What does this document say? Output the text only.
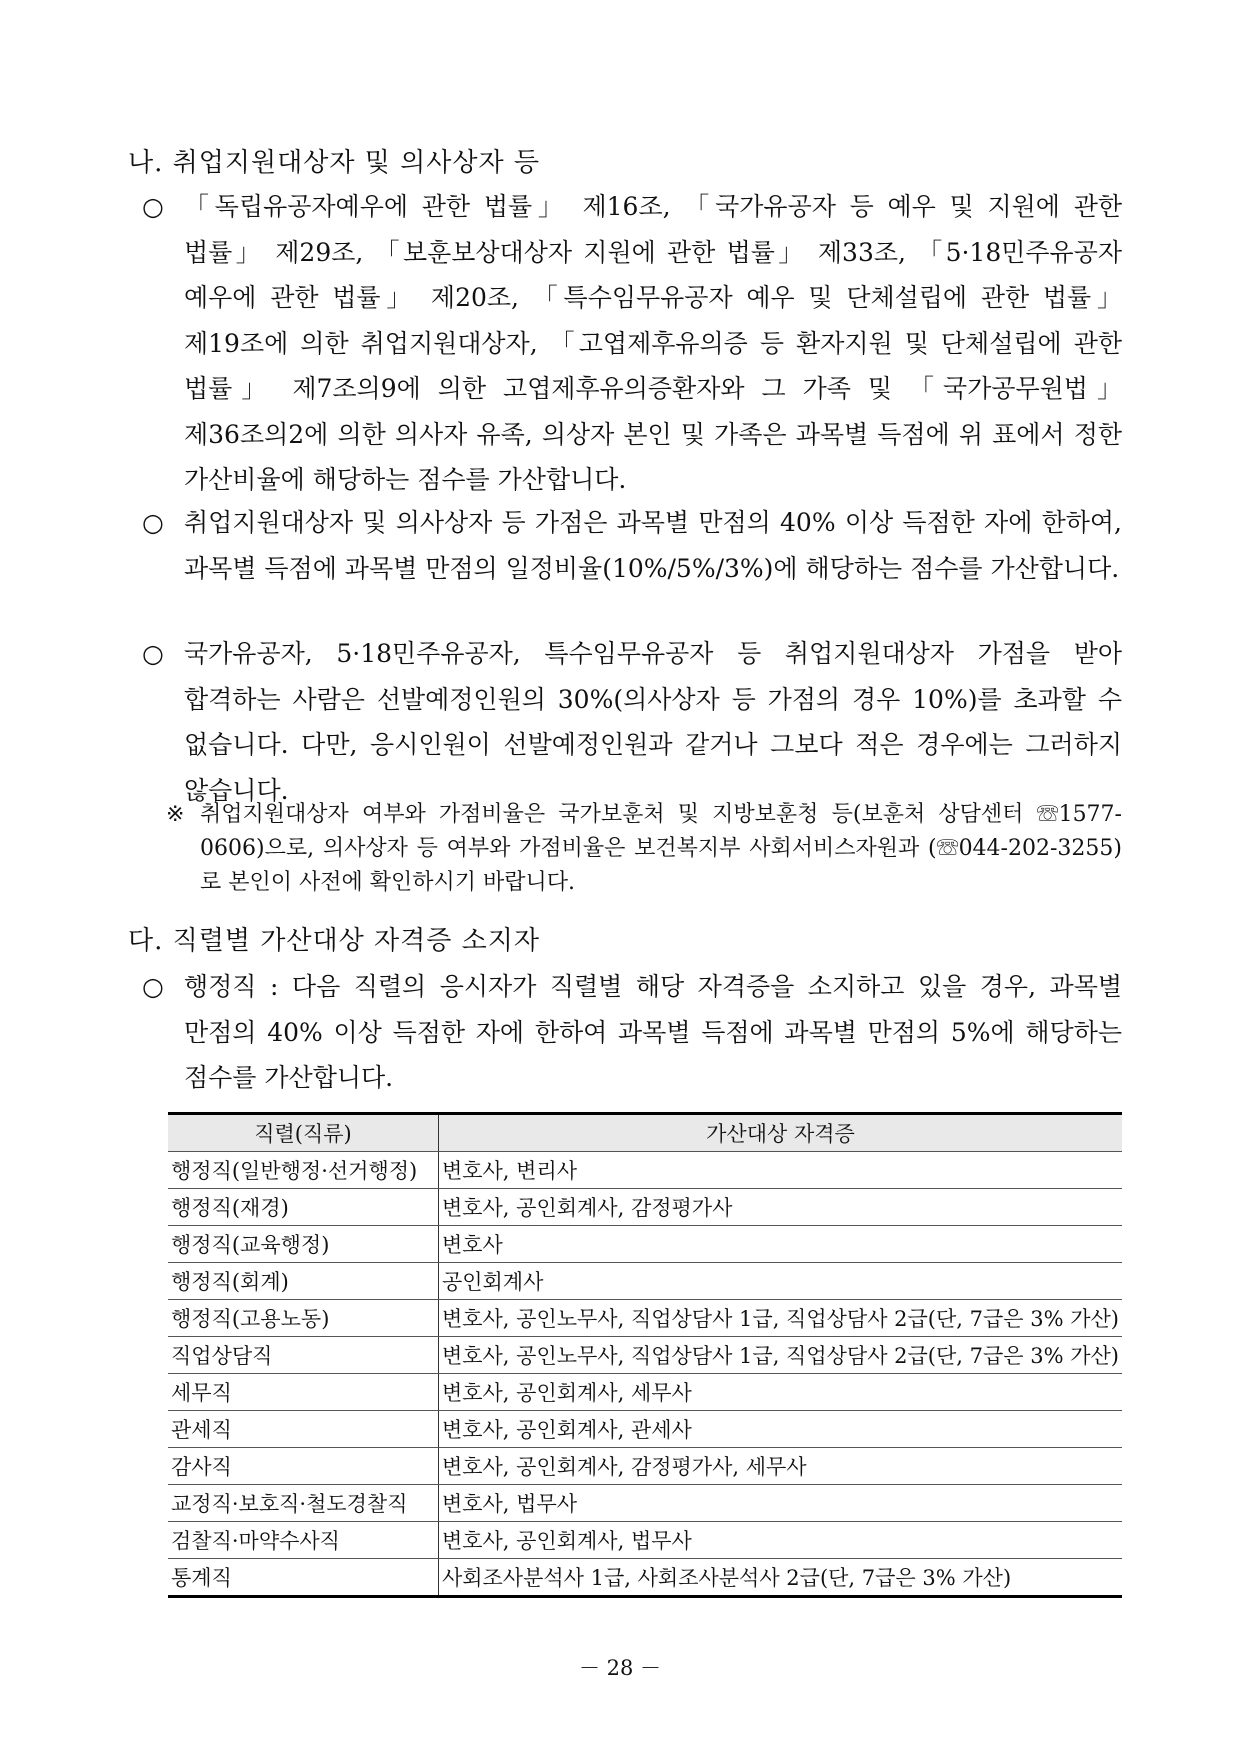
나. 취업지원대상자 및 의사상자 등
○ 「독립유공자예우에 관한 법률」 제16조, 「국가유공자 등 예우 및 지원에 관한 법률」 제29조, 「보훈보상대상자 지원에 관한 법률」 제33조, 「5·18민주유공자 예우에 관한 법률」 제20조, 「특수임무유공자 예우 및 단체설립에 관한 법률」 제19조에 의한 취업지원대상자, 「고엽제후유의증 등 환자지원 및 단체설립에 관한 법률」 제7조의9에 의한 고엽제후유의증환자와 그 가족 및 「국가공무원법」 제36조의2에 의한 의사자 유족, 의상자 본인 및 가족은 과목별 득점에 위 표에서 정한 가산비율에 해당하는 점수를 가산합니다.
○ 취업지원대상자 및 의사상자 등 가점은 과목별 만점의 40% 이상 득점한 자에 한하여, 과목별 득점에 과목별 만점의 일정비율(10%/5%/3%)에 해당하는 점수를 가산합니다.
○ 국가유공자, 5·18민주유공자, 특수임무유공자 등 취업지원대상자 가점을 받아 합격하는 사람은 선발예정인원의 30%(의사상자 등 가점의 경우 10%)를 초과할 수 없습니다. 다만, 응시인원이 선발예정인원과 같거나 그보다 적은 경우에는 그러하지 않습니다.
※ 취업지원대상자 여부와 가점비율은 국가보훈처 및 지방보훈청 등(보훈처 상담센터 ☏1577-0606)으로, 의사상자 등 여부와 가점비율은 보건복지부 사회서비스자원과 (☏044-202-3255)로 본인이 사전에 확인하시기 바랍니다.
다. 직렬별 가산대상 자격증 소지자
○ 행정직 : 다음 직렬의 응시자가 직렬별 해당 자격증을 소지하고 있을 경우, 과목별 만점의 40% 이상 득점한 자에 한하여 과목별 득점에 과목별 만점의 5%에 해당하는 점수를 가산합니다.
직렬(직류)	가산대상 자격증
행정직(일반행정·선거행정)	변호사, 변리사
행정직(재경)	변호사, 공인회계사, 감정평가사
행정직(교육행정)	변호사
행정직(회계)	공인회계사
행정직(고용노동)	변호사, 공인노무사, 직업상담사 1급, 직업상담사 2급(단, 7급은 3% 가산)
직업상담직	변호사, 공인노무사, 직업상담사 1급, 직업상담사 2급(단, 7급은 3% 가산)
세무직	변호사, 공인회계사, 세무사
관세직	변호사, 공인회계사, 관세사
감사직	변호사, 공인회계사, 감정평가사, 세무사
교정직·보호직·철도경찰직	변호사, 법무사
검찰직·마약수사직	변호사, 공인회계사, 법무사
통계직	사회조사분석사 1급, 사회조사분석사 2급(단, 7급은 3% 가산)
－ 28 －
